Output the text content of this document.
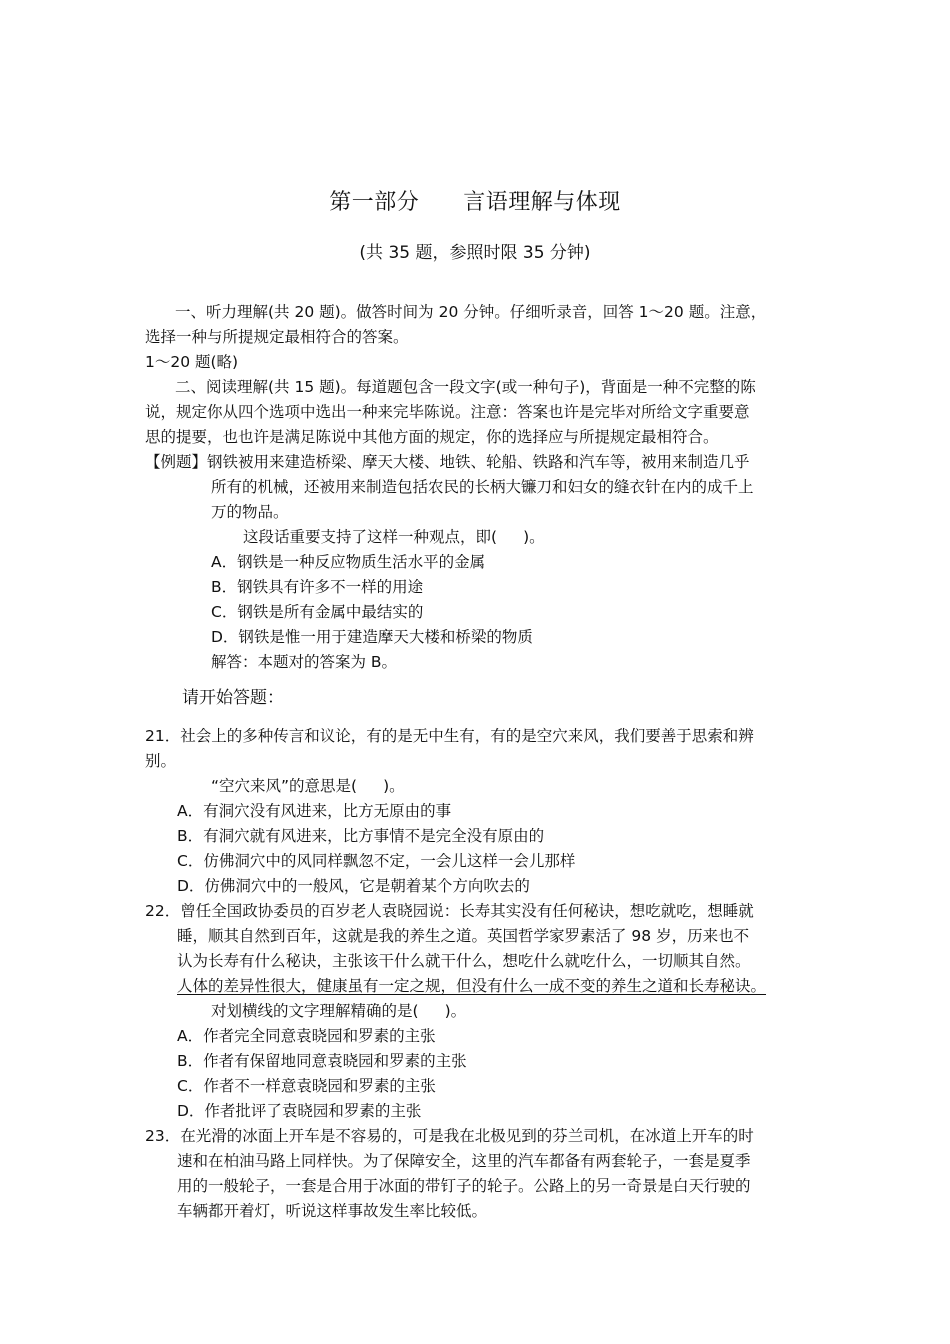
第一部分 言语理解与体现
(共 35 题，参照时限 35 分钟)
一、听力理解(共 20 题)。做答时间为 20 分钟。仔细听录音，回答 1～20 题。注意，
选择一种与所提规定最相符合的答案。
1～20 题(略)
二、阅读理解(共 15 题)。每道题包含一段文字(或一种句子)，背面是一种不完整的陈
说，规定你从四个选项中选出一种来完毕陈说。注意：答案也许是完毕对所给文字重要意
思的提要，也也许是满足陈说中其他方面的规定，你的选择应与所提规定最相符合。
【例题】钢铁被用来建造桥梁、摩天大楼、地铁、轮船、铁路和汽车等，被用来制造几乎
所有的机械，还被用来制造包括农民的长柄大镰刀和妇女的缝衣针在内的成千上
万的物品。
这段话重要支持了这样一种观点，即( )。
A．钢铁是一种反应物质生活水平的金属
B．钢铁具有许多不一样的用途
C．钢铁是所有金属中最结实的
D．钢铁是惟一用于建造摩天大楼和桥梁的物质
解答：本题对的答案为 B。
请开始答题：
21．社会上的多种传言和议论，有的是无中生有，有的是空穴来风，我们要善于思索和辨
别。
“空穴来风”的意思是( )。
A．有洞穴没有风进来，比方无原由的事
B．有洞穴就有风进来，比方事情不是完全没有原由的
C．仿佛洞穴中的风同样飘忽不定，一会儿这样一会儿那样
D．仿佛洞穴中的一般风，它是朝着某个方向吹去的
22．曾任全国政协委员的百岁老人袁晓园说：长寿其实没有任何秘诀，想吃就吃，想睡就
睡，顺其自然到百年，这就是我的养生之道。英国哲学家罗素活了 98 岁，历来也不
认为长寿有什么秘诀，主张该干什么就干什么，想吃什么就吃什么，一切顺其自然。
人体的差异性很大，健康虽有一定之规，但没有什么一成不变的养生之道和长寿秘诀。
对划横线的文字理解精确的是( )。
A．作者完全同意袁晓园和罗素的主张
B．作者有保留地同意袁晓园和罗素的主张
C．作者不一样意袁晓园和罗素的主张
D．作者批评了袁晓园和罗素的主张
23．在光滑的冰面上开车是不容易的，可是我在北极见到的芬兰司机，在冰道上开车的时
速和在柏油马路上同样快。为了保障安全，这里的汽车都备有两套轮子，一套是夏季
用的一般轮子，一套是合用于冰面的带钉子的轮子。公路上的另一奇景是白天行驶的
车辆都开着灯，听说这样事故发生率比较低。
